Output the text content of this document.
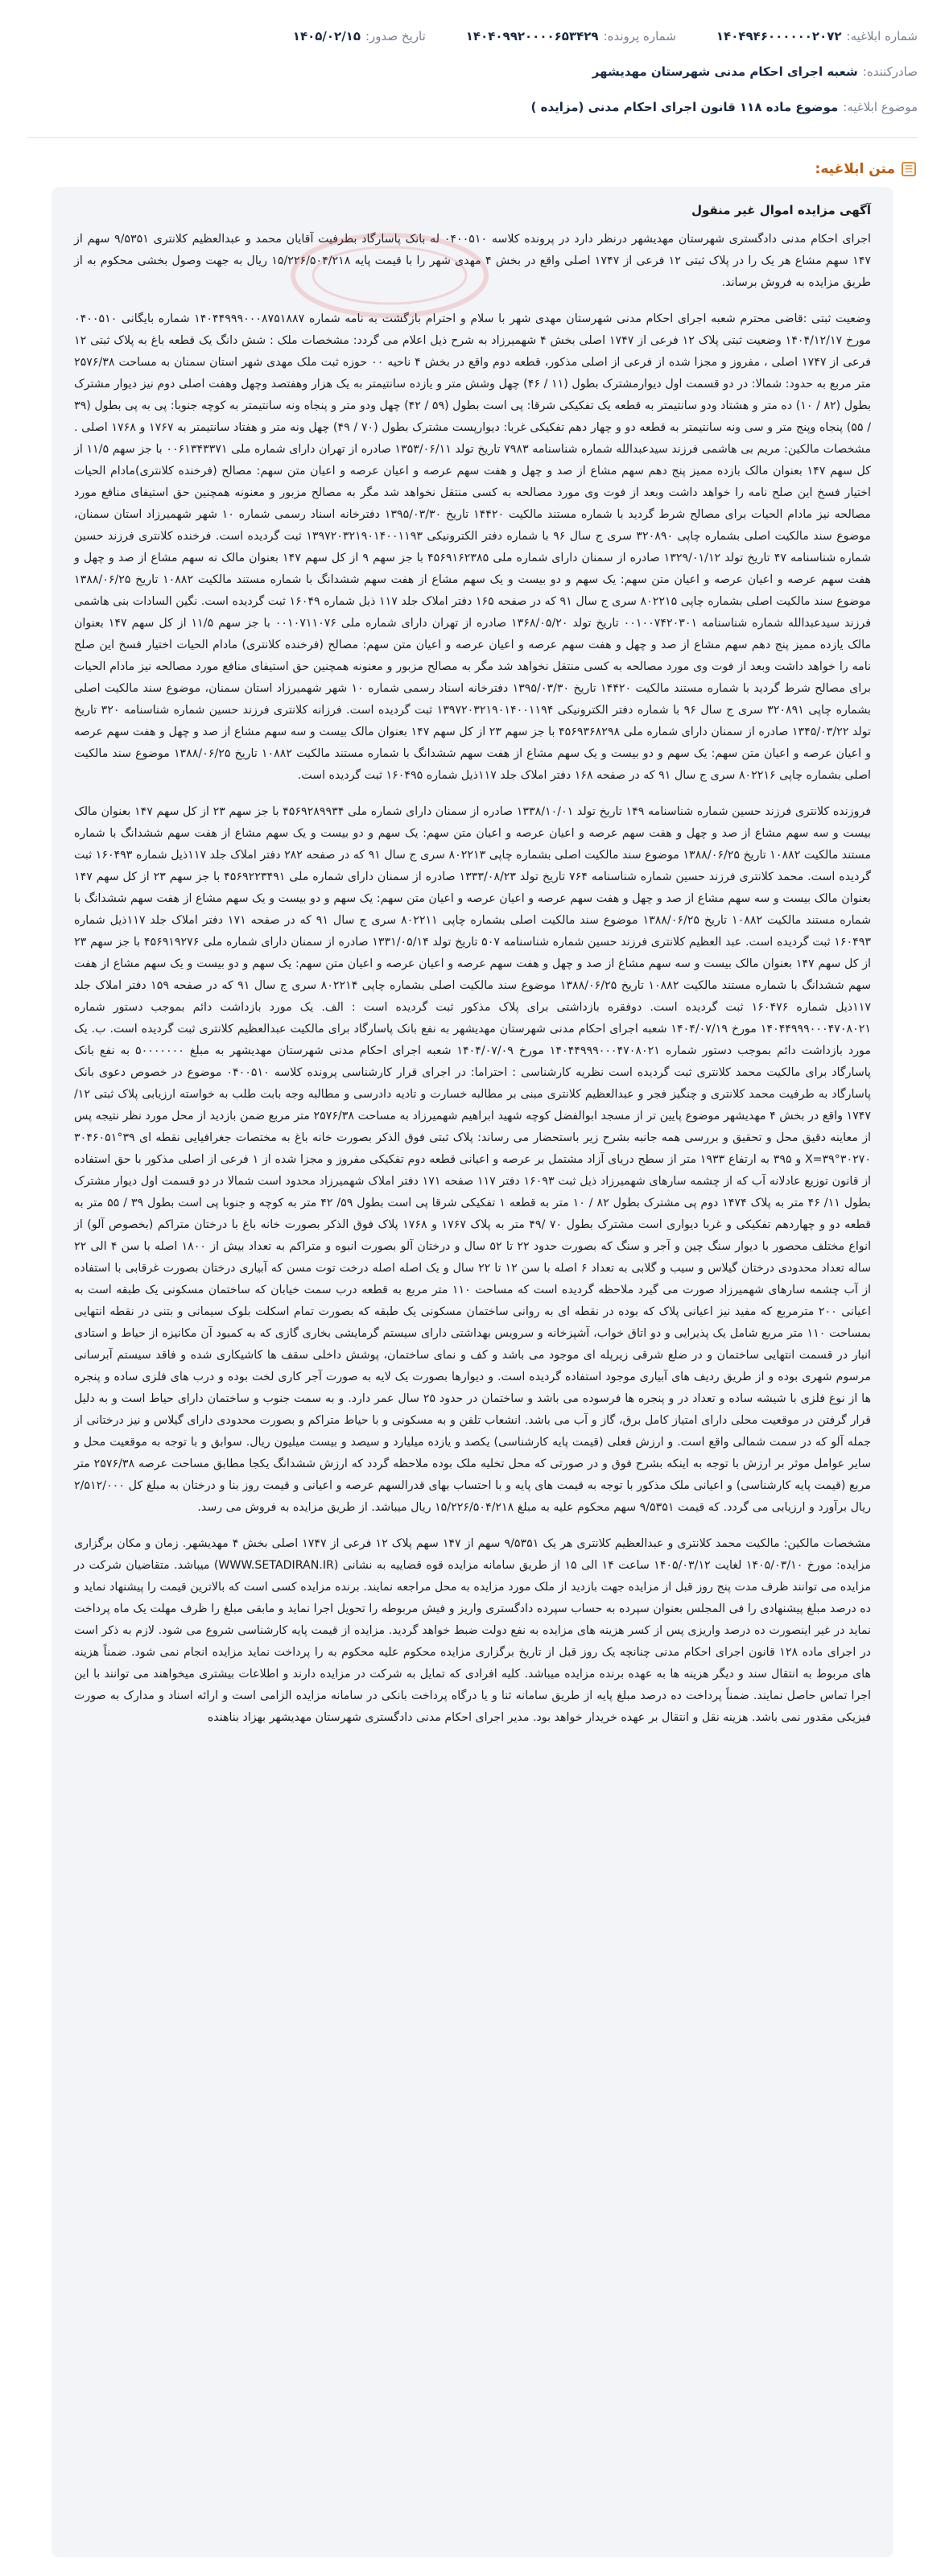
شماره ابلاغیه:۱۴۰۴۹۴۶۰۰۰۰۰۰۲۰۷۲
شماره پرونده:۱۴۰۴۰۹۹۲۰۰۰۰۶۵۳۴۲۹
تاریخ صدور:۱۴۰۵/۰۲/۱۵
صادرکننده:شعبه اجرای احکام مدنی شهرستان مهدیشهر
موضوع ابلاغیه:موضوع ماده ۱۱۸ قانون اجرای احکام مدنی (مزایده )
☰
متن ابلاغیه:
آگهی مزایده اموال غیر منقول

اجرای احکام مدنی دادگستری شهرستان مهدیشهر درنظر دارد در پرونده کلاسه ۰۴۰۰۵۱۰ له بانک پاسارگاد بطرفیت آقایان محمد و عبدالعظیم کلانتری ۹/۵۳۵۱ سهم از ۱۴۷ سهم مشاع هر یک را در پلاک ثبتی ۱۲ فرعی از ۱۷۴۷ اصلی واقع در بخش ۴ مهدی شهر را با قیمت پایه ۱۵/۲۲۶/۵۰۴/۲۱۸ ریال به جهت وصول بخشی محکوم به از طریق مزایده به فروش برساند.

وضعیت ثبتی :قاضی محترم شعبه اجرای احکام مدنی شهرستان مهدی شهر با سلام و احترام بازگشت به نامه شماره ۱۴۰۴۴۹۹۹۰۰۰۸۷۵۱۸۸۷ شماره بایگانی ۰۴۰۰۵۱۰ مورخ ۱۴۰۴/۱۲/۱۷ وضعیت ثبتی پلاک ۱۲ فرعی از ۱۷۴۷ اصلی بخش ۴ شهمیرزاد به شرح ذیل اعلام می گردد: مشخصات ملک : شش دانگ یک قطعه باغ به پلاک ثبتی ۱۲ فرعی از ۱۷۴۷ اصلی ، مفروز و مجزا شده از فرعی از اصلی مذکور، قطعه دوم واقع در بخش ۴ ناحیه ۰۰ حوزه ثبت ملک مهدی شهر استان سمنان به مساحت ۲۵۷۶/۳۸ متر مربع به حدود: شمالا: در دو قسمت اول دیوارمشترک بطول (۱۱ / ۴۶) چهل وشش متر و یازده سانتیمتر به یک هزار وهفتصد وچهل وهفت اصلی دوم نیز دیوار مشترک بطول (۸۲ / ۱۰) ده متر و هشتاد ودو سانتیمتر به قطعه یک تفکیکی شرقا: پی است بطول (۵۹ / ۴۲) چهل ودو متر و پنجاه ونه سانتیمتر به کوچه جنوبا: پی به پی بطول (۳۹ / ۵۵) پنجاه وپنج متر و سی ونه سانتیمتر به قطعه دو و چهار دهم تفکیکی غربا: دیوارپست مشترک بطول (۷۰ / ۴۹) چهل ونه متر و هفتاد سانتیمتر به ۱۷۶۷ و ۱۷۶۸ اصلی . مشخصات مالکین: مریم بی هاشمی فرزند سیدعبدالله شماره شناسنامه ۷۹۸۳ تاریخ تولد ۱۳۵۳/۰۶/۱۱ صادره از تهران دارای شماره ملی ۰۰۶۱۳۴۳۳۷۱ با جز سهم ۱۱/۵ از کل سهم ۱۴۷ بعنوان مالک بازده ممیز پنج دهم سهم مشاع از صد و چهل و هفت سهم عرصه و اعیان عرصه و اعیان متن سهم: مصالح (فرخنده کلانتری)مادام الحیات اختیار فسخ این صلح نامه را خواهد داشت وبعد از فوت وی مورد مصالحه به کسی منتقل نخواهد شد مگر به مصالح مزبور و معنونه همچنین حق استیفای منافع مورد مصالحه نیز مادام الحیات برای مصالح شرط گردید با شماره مستند مالکیت ۱۴۴۲۰ تاریخ ۱۳۹۵/۰۳/۳۰ دفترخانه اسناد رسمی شماره ۱۰ شهر شهمیرزاد استان سمنان، موضوع سند مالکیت اصلی بشماره چاپی ۳۲۰۸۹۰ سری ج سال ۹۶ با شماره دفتر الکترونیکی ۱۳۹۷۲۰۳۲۱۹۰۱۴۰۰۱۱۹۳ ثبت گردیده است. فرخنده کلانتری فرزند حسین شماره شناسنامه ۴۷ تاریخ تولد ۱۳۲۹/۰۱/۱۲ صادره از سمنان دارای شماره ملی ۴۵۶۹۱۶۲۳۸۵ با جز سهم ۹ از کل سهم ۱۴۷ بعنوان مالک نه سهم مشاع از صد و چهل و هفت سهم عرصه و اعیان عرصه و اعیان متن سهم: یک سهم و دو بیست و یک سهم مشاع از هفت سهم ششدانگ با شماره مستند مالکیت ۱۰۸۸۲ تاریخ ۱۳۸۸/۰۶/۲۵ موضوع سند مالکیت اصلی بشماره چاپی ۸۰۲۲۱۵ سری ج سال ۹۱ که در صفحه ۱۶۵ دفتر املاک جلد ۱۱۷ ذیل شماره ۱۶۰۴۹ ثبت گردیده است. نگین السادات بنی هاشمی فرزند سیدعبدالله شماره شناسنامه ۰۰۱۰۰۷۴۲۰۳۰۱ تاریخ تولد ۱۳۶۸/۰۵/۲۰ صادره از تهران دارای شماره ملی ۰۰۱۰۷۱۱۰۷۶ با جز سهم ۱۱/۵ از کل سهم ۱۴۷ بعنوان مالک یازده ممیز پنج دهم سهم مشاع از صد و چهل و هفت سهم عرصه و اعیان عرصه و اعیان متن سهم: مصالح (فرخنده کلانتری) مادام الحیات اختیار فسخ این صلح نامه را خواهد داشت وبعد از فوت وی مورد مصالحه به کسی منتقل نخواهد شد مگر به مصالح مزبور و معنونه همچنین حق استیفای منافع مورد مصالحه نیز مادام الحیات برای مصالح شرط گردید با شماره مستند مالکیت ۱۴۴۲۰ تاریخ ۱۳۹۵/۰۳/۳۰ دفترخانه اسناد رسمی شماره ۱۰ شهر شهمیرزاد استان سمنان، موضوع سند مالکیت اصلی بشماره چاپی ۳۲۰۸۹۱ سری ج سال ۹۶ با شماره دفتر الکترونیکی ۱۳۹۷۲۰۳۲۱۹۰۱۴۰۰۱۱۹۴ ثبت گردیده است. فرزانه کلانتری فرزند حسین شماره شناسنامه ۳۲۰ تاریخ تولد ۱۳۴۵/۰۳/۲۲ صادره از سمنان دارای شماره ملی ۴۵۶۹۳۶۸۲۹۸ با جز سهم ۲۳ از کل سهم ۱۴۷ بعنوان مالک بیست و سه سهم مشاع از صد و چهل و هفت سهم عرصه و اعیان عرصه و اعیان متن سهم: یک سهم و دو بیست و یک سهم مشاع از هفت سهم ششدانگ با شماره مستند مالکیت ۱۰۸۸۲ تاریخ ۱۳۸۸/۰۶/۲۵ موضوع سند مالکیت اصلی بشماره چاپی ۸۰۲۲۱۶ سری ج سال ۹۱ که در صفحه ۱۶۸ دفتر املاک جلد ۱۱۷ذیل شماره ۱۶۰۴۹۵ ثبت گردیده است.

فروزنده کلانتری فرزند حسین شماره شناسنامه ۱۴۹ تاریخ تولد ۱۳۳۸/۱۰/۰۱ صادره از سمنان دارای شماره ملی ۴۵۶۹۲۸۹۹۳۴ با جز سهم ۲۳ از کل سهم ۱۴۷ بعنوان مالک بیست و سه سهم مشاع از صد و چهل و هفت سهم عرصه و اعیان عرصه و اعیان متن سهم: یک سهم و دو بیست و یک سهم مشاع از هفت سهم ششدانگ با شماره مستند مالکیت ۱۰۸۸۲ تاریخ ۱۳۸۸/۰۶/۲۵ موضوع سند مالکیت اصلی بشماره چاپی ۸۰۲۲۱۳ سری ج سال ۹۱ که در صفحه ۲۸۲ دفتر املاک جلد ۱۱۷ذیل شماره ۱۶۰۴۹۳ ثبت گردیده است. محمد کلانتری فرزند حسین شماره شناسنامه ۷۶۴ تاریخ تولد ۱۳۳۳/۰۸/۲۳ صادره از سمنان دارای شماره ملی ۴۵۶۹۲۲۳۴۹۱ با جز سهم ۲۳ از کل سهم ۱۴۷ بعنوان مالک بیست و سه سهم مشاع از صد و چهل و هفت سهم عرصه و اعیان عرصه و اعیان متن سهم: یک سهم و دو بیست و یک سهم مشاع از هفت سهم ششدانگ با شماره مستند مالکیت ۱۰۸۸۲ تاریخ ۱۳۸۸/۰۶/۲۵ موضوع سند مالکیت اصلی بشماره چاپی ۸۰۲۲۱۱ سری ج سال ۹۱ که در صفحه ۱۷۱ دفتر املاک جلد ۱۱۷ذیل شماره ۱۶۰۴۹۳ ثبت گردیده است. عبد العظیم کلانتری فرزند حسین شماره شناسنامه ۵۰۷ تاریخ تولد ۱۳۳۱/۰۵/۱۴ صادره از سمنان دارای شماره ملی ۴۵۶۹۱۹۲۷۶ با جز سهم ۲۳ از کل سهم ۱۴۷ بعنوان مالک بیست و سه سهم مشاع از صد و چهل و هفت سهم عرصه و اعیان عرصه و اعیان متن سهم: یک سهم و دو بیست و یک سهم مشاع از هفت سهم ششدانگ با شماره مستند مالکیت ۱۰۸۸۲ تاریخ ۱۳۸۸/۰۶/۲۵ موضوع سند مالکیت اصلی بشماره چاپی ۸۰۲۲۱۴ سری ج سال ۹۱ که در صفحه ۱۵۹ دفتر املاک جلد ۱۱۷ذیل شماره ۱۶۰۴۷۶ ثبت گردیده است. دوفقره بازداشتی برای پلاک مذکور ثبت گردیده است : الف. یک مورد بازداشت دائم بموجب دستور شماره ۱۴۰۴۴۹۹۹۰۰۰۴۷۰۸۰۲۱ مورخ ۱۴۰۴/۰۷/۱۹ شعبه اجرای احکام مدنی شهرستان مهدیشهر به نفع بانک پاسارگاد برای مالکیت عبدالعظیم کلانتری ثبت گردیده است. ب. یک مورد بازداشت دائم بموجب دستور شماره ۱۴۰۴۴۹۹۹۰۰۰۴۷۰۸۰۲۱ مورخ ۱۴۰۴/۰۷/۰۹ شعبه اجرای احکام مدنی شهرستان مهدیشهر به مبلغ ۵۰۰۰۰۰۰۰ به نفع بانک پاسارگاد برای مالکیت محمد کلانتری ثبت گردیده است نظریه کارشناسی : احتراما: در اجرای قرار کارشناسی پرونده کلاسه ۰۴۰۰۵۱۰ موضوع در خصوص دعوی بانک پاسارگاد به طرفیت محمد کلانتری و چنگیز فجر و عبدالعظیم کلانتری مبنی بر مطالبه خسارت و تادیه دادرسی و مطالبه وجه بابت طلب به خواسته ارزیابی پلاک ثبتی ۱۲/ ۱۷۴۷ واقع در بخش ۴ مهدیشهر موضوع پایین تر از مسجد ابوالفضل کوچه شهید ابراهیم شهمیرزاد به مساحت ۲۵۷۶/۳۸ متر مربع ضمن بازدید از محل مورد نظر نتیجه پس از معاینه دقیق محل و تحقیق و بررسی همه جانبه بشرح زیر باستحضار می رساند: پلاک ثبتی فوق الذکر بصورت خانه باغ به مختصات جغرافیایی نقطه ای ۳۹°۳۰۴۶۰۵۱ X=۳۹°۳۰۲۷۰ و ۳۹۵ به ارتفاع ۱۹۳۳ متر از سطح دریای آزاد مشتمل بر عرصه و اعیانی قطعه دوم تفکیکی مفروز و مجزا شده از ۱ فرعی از اصلی مذکور با حق استفاده از قانون توزیع عادلانه آب که از چشمه سارهای شهمیرزاد ذیل ثبت ۱۶۰۹۳ دفتر ۱۱۷ صفحه ۱۷۱ دفتر املاک شهمیرزاد محدود است شمالا در دو قسمت اول دیوار مشترک بطول ۱۱/ ۴۶ متر به پلاک ۱۴۷۴ دوم پی مشترک بطول ۸۲ / ۱۰ متر به قطعه ۱ تفکیکی شرقا پی است بطول ۵۹/ ۴۲ متر به کوچه و جنوبا پی است بطول ۳۹ / ۵۵ متر به قطعه دو و چهاردهم تفکیکی و غربا دیواری است مشترک بطول ۷۰ /۴۹ متر به پلاک ۱۷۶۷ و ۱۷۶۸ پلاک فوق الذکر بصورت خانه باغ با درختان متراکم (بخصوص آلو) از انواع مختلف محصور با دیوار سنگ چین و آجر و سنگ که بصورت حدود ۲۲ تا ۵۲ سال و درختان آلو بصورت انبوه و متراکم به تعداد بیش از ۱۸۰۰ اصله با سن ۴ الی ۲۲ ساله تعداد محدودی درختان گیلاس و سیب و گلابی به تعداد ۶ اصله با سن ۱۲ تا ۲۲ سال و یک اصله اصله درخت توت مسن که آبیاری درختان بصورت غرقابی با استفاده از آب چشمه سارهای شهمیرزاد صورت می گیرد ملاحظه گردیده است که مساحت ۱۱۰ متر مربع به قطعه درب سمت خیابان که ساختمان مسکونی یک طبقه است به اعیانی ۲۰۰ مترمربع که مفید نیز اعیانی پلاک که بوده در نقطه ای به روانی ساختمان مسکونی یک طبقه که بصورت تمام اسکلت بلوک سیمانی و بتنی در نقطه انتهایی بمساحت ۱۱۰ متر مربع شامل یک پذیرایی و دو اتاق خواب، آشپزخانه و سرویس بهداشتی دارای سیستم گرمایشی بخاری گازی که به کمبود آن مکانیزه از حیاط و استادی انبار در قسمت انتهایی ساختمان و در ضلع شرقی زیرپله ای موجود می باشد و کف و نمای ساختمان، پوشش داخلی سقف ها کاشیکاری شده و فاقد سیستم آبرسانی مرسوم شهری بوده و از طریق ردیف های آبیاری موجود استفاده گردیده است. و دیوارها بصورت یک لایه به صورت آجر کاری لخت بوده و درب های فلزی ساده و پنجره ها از نوع فلزی با شیشه ساده و تعداد در و پنجره ها فرسوده می باشد و ساختمان در حدود ۲۵ سال عمر دارد. و به سمت جنوب و ساختمان دارای حیاط است و به دلیل قرار گرفتن در موقعیت محلی دارای امتیاز کامل برق، گاز و آب می باشد. انشعاب تلفن و به مسکونی و با حیاط متراکم و بصورت محدودی دارای گیلاس و نیز درختانی از جمله آلو که در سمت شمالی واقع است. و ارزش فعلی (قیمت پایه کارشناسی) یکصد و یازده میلیارد و سیصد و بیست میلیون ریال. سوابق و با توجه به موقعیت محل و سایر عوامل موثر بر ارزش با توجه به اینکه بشرح فوق و در صورتی که محل تخلیه ملک بوده ملاحظه گردد که ارزش ششدانگ یکجا مطابق مساحت عرصه ۲۵۷۶/۳۸ متر مربع (قیمت پایه کارشناسی) و اعیانی ملک مذکور با توجه به قیمت های پایه و با احتساب بهای قدرالسهم عرصه و اعیانی و قیمت روز بنا و درختان به مبلغ کل ۲/۵۱۲/۰۰۰ ریال برآورد و ارزیابی می گردد. که قیمت ۹/۵۳۵۱ سهم محکوم علیه به مبلغ ۱۵/۲۲۶/۵۰۴/۲۱۸ ریال میباشد. از طریق مزایده به فروش می رسد.

مشخصات مالکین: مالکیت محمد کلانتری و عبدالعظیم کلانتری هر یک ۹/۵۳۵۱ سهم از ۱۴۷ سهم پلاک ۱۲ فرعی از ۱۷۴۷ اصلی بخش ۴ مهدیشهر. زمان و مکان برگزاری مزایده: مورخ ۱۴۰۵/۰۳/۱۰ لغایت ۱۴۰۵/۰۳/۱۲ ساعت ۱۴ الی ۱۵ از طریق سامانه مزایده قوه قضاییه به نشانی (WWW.SETADIRAN.IR) میباشد. متقاضیان شرکت در مزایده می توانند ظرف مدت پنج روز قبل از مزایده جهت بازدید از ملک مورد مزایده به محل مراجعه نمایند. برنده مزایده کسی است که بالاترین قیمت را پیشنهاد نماید و ده درصد مبلغ پیشنهادی را فی المجلس بعنوان سپرده به حساب سپرده دادگستری واریز و فیش مربوطه را تحویل اجرا نماید و مابقی مبلغ را ظرف مهلت یک ماه پرداخت نماید در غیر اینصورت ده درصد واریزی پس از کسر هزینه های مزایده به نفع دولت ضبط خواهد گردید. مزایده از قیمت پایه کارشناسی شروع می شود. لازم به ذکر است در اجرای ماده ۱۲۸ قانون اجرای احکام مدنی چنانچه یک روز قبل از تاریخ برگزاری مزایده محکوم علیه محکوم به را پرداخت نماید مزایده انجام نمی شود. ضمناً هزینه های مربوط به انتقال سند و دیگر هزینه ها به عهده برنده مزایده میباشد. کلیه افرادی که تمایل به شرکت در مزایده دارند و اطلاعات بیشتری میخواهند می توانند با این اجرا تماس حاصل نمایند. ضمناً پرداخت ده درصد مبلغ پایه از طریق سامانه ثنا و یا درگاه پرداخت بانکی در سامانه مزایده الزامی است و ارائه اسناد و مدارک به صورت فیزیکی مقدور نمی باشد. هزینه نقل و انتقال بر عهده خریدار خواهد بود. مدیر اجرای احکام مدنی دادگستری شهرستان مهدیشهر بهزاد بناهنده
